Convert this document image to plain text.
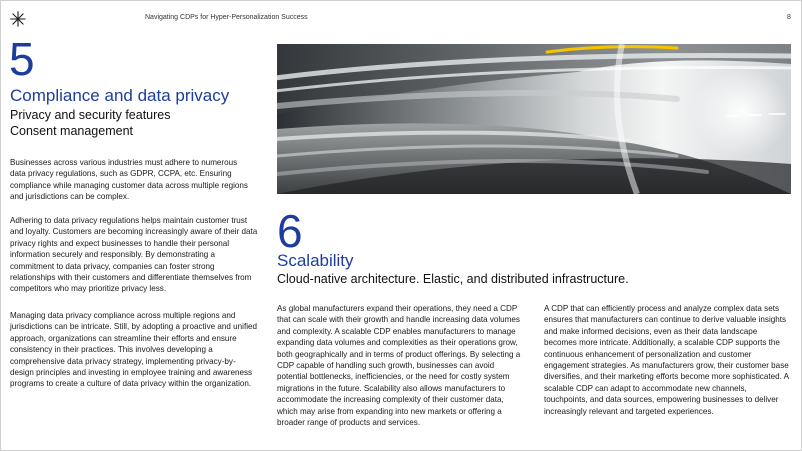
Navigating CDPs for Hyper-Personalization Success	8
5
Compliance and data privacy
Privacy and security features
Consent management

Businesses across various industries must adhere to numerous data privacy regulations, such as GDPR, CCPA, etc. Ensuring compliance while managing customer data across multiple regions and jurisdictions can be complex.

Adhering to data privacy regulations helps maintain customer trust and loyalty. Customers are becoming increasingly aware of their data privacy rights and expect businesses to handle their personal information securely and responsibly. By demonstrating a commitment to data privacy, companies can foster strong relationships with their customers and differentiate themselves from competitors who may prioritize privacy less.

Managing data privacy compliance across multiple regions and jurisdictions can be intricate. Still, by adopting a proactive and unified approach, organizations can streamline their efforts and ensure consistency in their practices. This involves developing a comprehensive data privacy strategy, implementing privacy-by-design principles and investing in employee training and awareness programs to create a culture of data privacy within the organization.

6
Scalability
Cloud-native architecture. Elastic, and distributed infrastructure.

As global manufacturers expand their operations, they need a CDP that can scale with their growth and handle increasing data volumes and complexity. A scalable CDP enables manufacturers to manage expanding data volumes and complexities as their operations grow, both geographically and in terms of product offerings. By selecting a CDP capable of handling such growth, businesses can avoid potential bottlenecks, inefficiencies, or the need for costly system migrations in the future. Scalability also allows manufacturers to accommodate the increasing complexity of their customer data, which may arise from expanding into new markets or offering a broader range of products and services.

A CDP that can efficiently process and analyze complex data sets ensures that manufacturers can continue to derive valuable insights and make informed decisions, even as their data landscape becomes more intricate. Additionally, a scalable CDP supports the continuous enhancement of personalization and customer engagement strategies. As manufacturers grow, their customer base diversifies, and their marketing efforts become more sophisticated. A scalable CDP can adapt to accommodate new channels, touchpoints, and data sources, empowering businesses to deliver increasingly relevant and targeted experiences.
